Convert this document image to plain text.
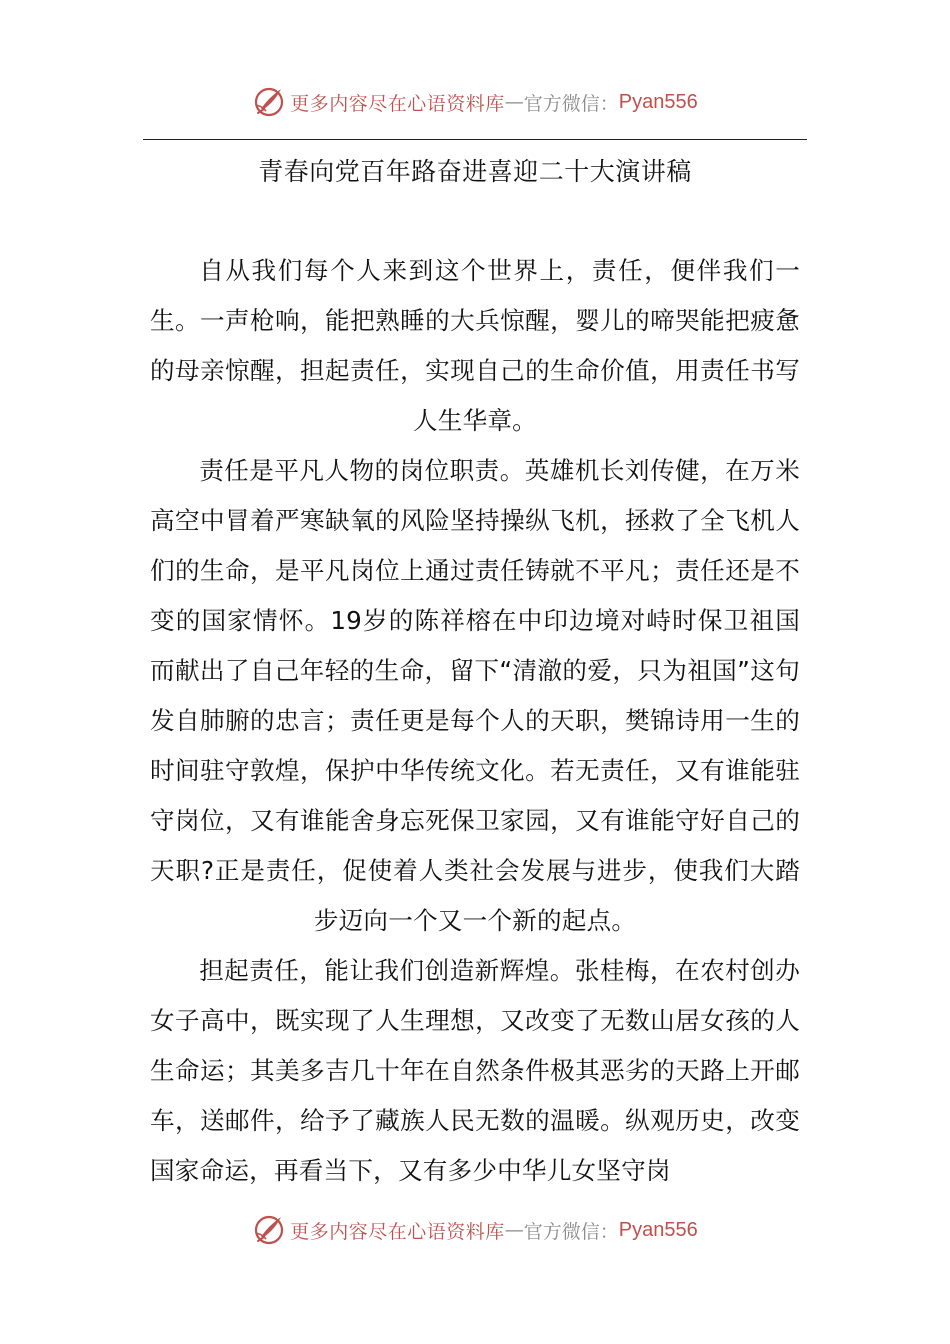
更多内容尽在心语资料库 — 官方微信： Pyan556
青春向党百年路奋进喜迎二十大演讲稿

自从我们每个人来到这个世界上，责任，便伴我们一生。一声枪响，能把熟睡的大兵惊醒，婴儿的啼哭能把疲惫的母亲惊醒，担起责任，实现自己的生命价值，用责任书写人生华章。

责任是平凡人物的岗位职责。英雄机长刘传健，在万米高空中冒着严寒缺氧的风险坚持操纵飞机，拯救了全飞机人们的生命，是平凡岗位上通过责任铸就不平凡；责任还是不变的国家情怀。19岁的陈祥榕在中印边境对峙时保卫祖国而献出了自己年轻的生命，留下“清澈的爱，只为祖国”这句发自肺腑的忠言；责任更是每个人的天职，樊锦诗用一生的时间驻守敦煌，保护中华传统文化。若无责任，又有谁能驻守岗位，又有谁能舍身忘死保卫家园，又有谁能守好自己的天职?正是责任，促使着人类社会发展与进步，使我们大踏步迈向一个又一个新的起点。

担起责任，能让我们创造新辉煌。张桂梅，在农村创办女子高中，既实现了人生理想，又改变了无数山居女孩的人生命运；其美多吉几十年在自然条件极其恶劣的天路上开邮车，送邮件，给予了藏族人民无数的温暖。纵观历史，改变国家命运，再看当下，又有多少中华儿女坚守岗

更多内容尽在心语资料库 — 官方微信： Pyan556
